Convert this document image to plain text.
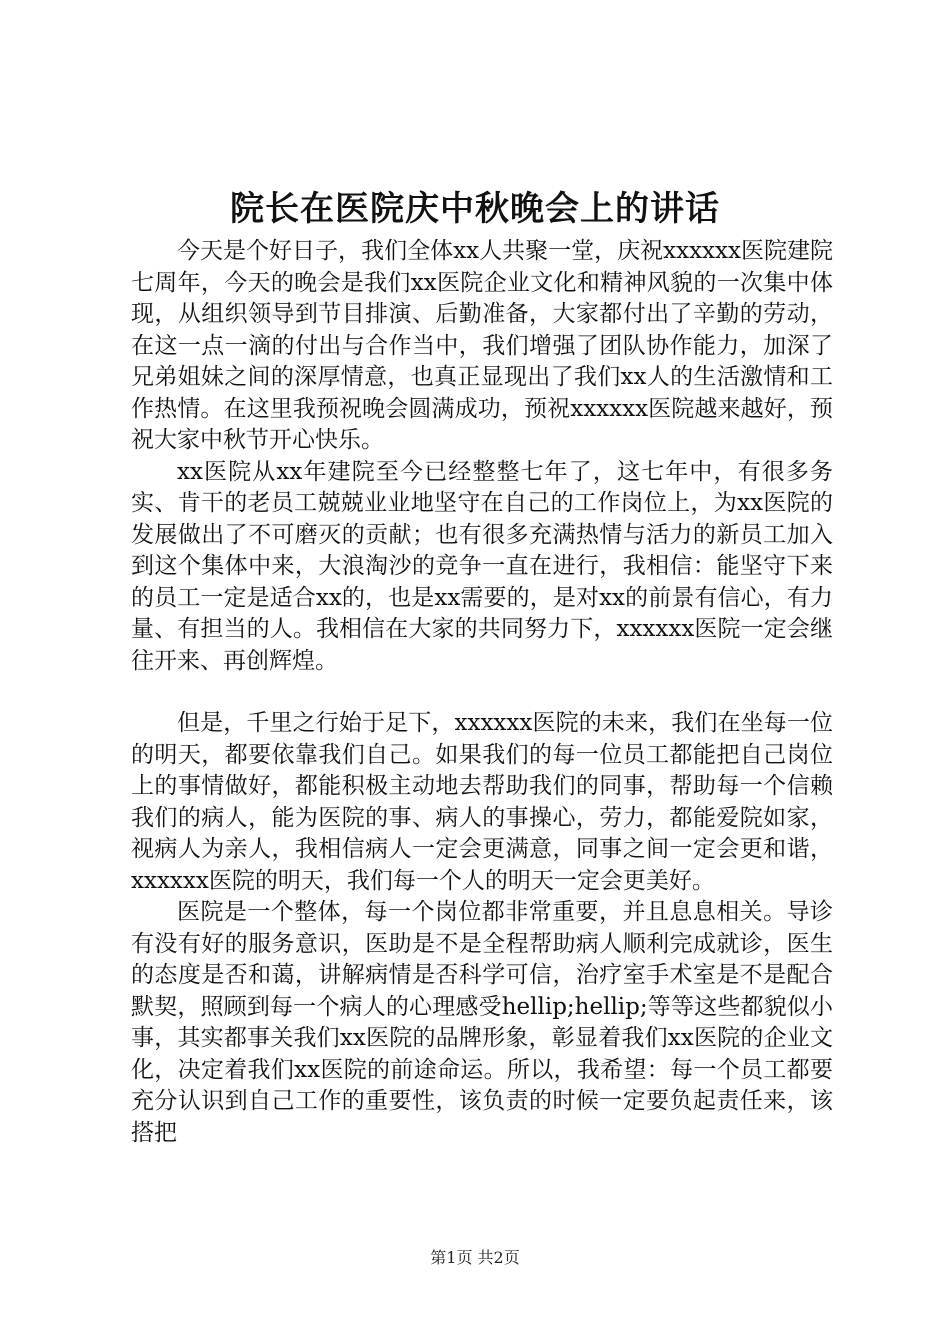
院长在医院庆中秋晚会上的讲话

今天是个好日子，我们全体xx人共聚一堂，庆祝xxxxxx医院建院七周年，今天的晚会是我们xx医院企业文化和精神风貌的一次集中体现，从组织领导到节目排演、后勤准备，大家都付出了辛勤的劳动，在这一点一滴的付出与合作当中，我们增强了团队协作能力，加深了兄弟姐妹之间的深厚情意，也真正显现出了我们xx人的生活激情和工作热情。在这里我预祝晚会圆满成功，预祝xxxxxx医院越来越好，预祝大家中秋节开心快乐。

xx医院从xx年建院至今已经整整七年了，这七年中，有很多务实、肯干的老员工兢兢业业地坚守在自己的工作岗位上，为xx医院的发展做出了不可磨灭的贡献；也有很多充满热情与活力的新员工加入到这个集体中来，大浪淘沙的竞争一直在进行，我相信：能坚守下来的员工一定是适合xx的，也是xx需要的，是对xx的前景有信心，有力量、有担当的人。我相信在大家的共同努力下，xxxxxx医院一定会继往开来、再创辉煌。

但是，千里之行始于足下，xxxxxx医院的未来，我们在坐每一位的明天，都要依靠我们自己。如果我们的每一位员工都能把自己岗位上的事情做好，都能积极主动地去帮助我们的同事，帮助每一个信赖我们的病人，能为医院的事、病人的事操心，劳力，都能爱院如家，视病人为亲人，我相信病人一定会更满意，同事之间一定会更和谐，xxxxxx医院的明天，我们每一个人的明天一定会更美好。

医院是一个整体，每一个岗位都非常重要，并且息息相关。导诊有没有好的服务意识，医助是不是全程帮助病人顺利完成就诊，医生的态度是否和蔼，讲解病情是否科学可信，治疗室手术室是不是配合默契，照顾到每一个病人的心理感受hellip;hellip;等等这些都貌似小事，其实都事关我们xx医院的品牌形象，彰显着我们xx医院的企业文化，决定着我们xx医院的前途命运。所以，我希望：每一个员工都要充分认识到自己工作的重要性，该负责的时候一定要负起责任来，该搭把

第1页 共2页
